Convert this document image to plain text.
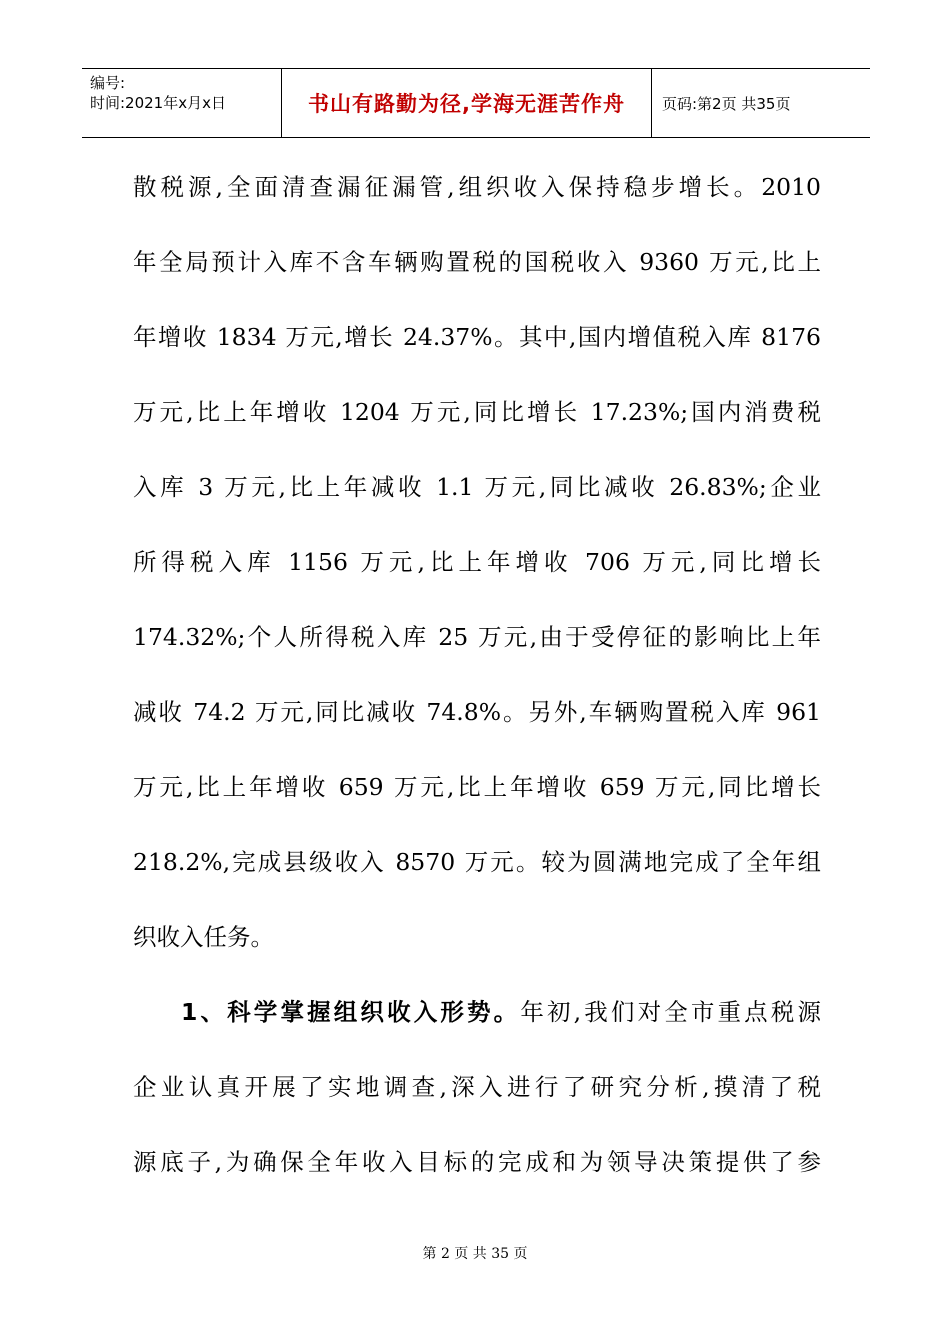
编号:
时间:2021年x月x日	书山有路勤为径,学海无涯苦作舟 页码:第2页 共35页
散税源,全面清查漏征漏管,组织收入保持稳步增长。2010
年全局预计入库不含车辆购置税的国税收入 9360 万元,比上
年增收 1834 万元,增长 24.37%。其中,国内增值税入库 8176
万元,比上年增收 1204 万元,同比增长 17.23%;国内消费税
入库 3 万元,比上年减收 1.1 万元,同比减收 26.83%;企业
所得税入库 1156 万元,比上年增收 706 万元,同比增长
174.32%;个人所得税入库 25 万元,由于受停征的影响比上年
减收 74.2 万元,同比减收 74.8%。另外,车辆购置税入库 961
万元,比上年增收 659 万元,比上年增收 659 万元,同比增长
218.2%,完成县级收入 8570 万元。较为圆满地完成了全年组
织收入任务。
1、科学掌握组织收入形势。年初,我们对全市重点税源
企业认真开展了实地调查,深入进行了研究分析,摸清了税
源底子,为确保全年收入目标的完成和为领导决策提供了参
第 2 页 共 35 页
